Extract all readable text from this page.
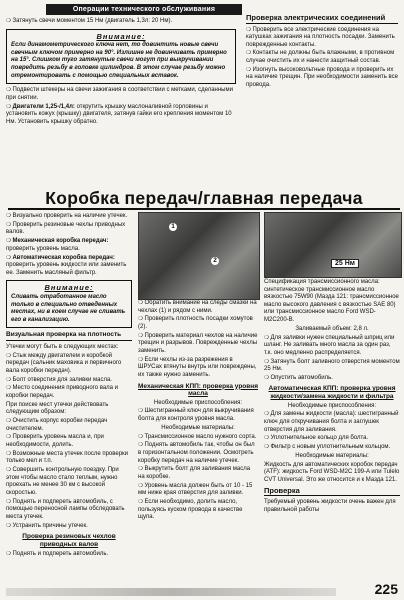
Операции технического обслуживания

❍ Затянуть свечи моментом 15 Нм (двигатель 1,3л: 20 Нм).

Внимание:
Если динамометрического ключа нет, то довинтить новые свечи свечным ключом примерно на 90°. Излишне не довинчивать примерно на 15°. Слишком туго затянутые свечи могут при выкручивании повредить резьбу в головке цилиндров. В этом случае резьбу можно отремонтировать с помощью специальных вставок.

❍ Подвести штекеры на свечи зажигания в соответствии с метками, сделанными при снятии.

❍ Двигатели 1,25-/1,4л: открутить крышку маслоналивной горловины и установить кожух (крышку) двигателя, затянув гайки его крепления моментом 10 Нм. Установить крышку обратно.

Проверка электрических соединений

❍ Проверить все электрические соединения на катушках зажигания на плотность посадки. Заменить поврежденные контакты.

❍ Контакты не должны быть влажными, в противном случае очистить их и нанести защитный состав.

❍ Изогнуть высоковольтные провода и проверить их на наличие трещин. При необходимости заменить все провода.

Коробка передач/главная передача

❍ Визуально проверить на наличие утечек.

❍ Проверить резиновые чехлы приводных валов.

❍ Механическая коробка передач: проверить уровень масла.

❍ Автоматическая коробка передач: проверить уровень жидкости или заменить ее. Заменить масляный фильтр.

Внимание:
Сливать отработанное масло только в специально отведенных местах, ни в коем случае не сливать его в канализацию.
Визуальная проверка на плотность

Утечки могут быть в следующих местах:

❍ Стык между двигателем и коробкой передач (сальник маховика и первичного вала коробки передач).

❍ Болт отверстия для заливки масла.

❍ Место соединения приводного вала и коробки передач.

При поиске мест утечки действовать следующим образом:

❍ Очистить корпус коробки передач очистителем.

❍ Проверить уровень масла и, при необходимости, долить.

❍ Возможные места утечек после проверки только мел и т.п.

❍ Совершить контрольную поездку. При этом чтобы масло стало теплым, нужно проехать не менее 30 км с высокой скоростью.

❍ Поднять и подпереть автомобиль, с помощью переносной лампы обследовать места утечек.

❍ Устранить причины утечек.

Проверка резиновых чехлов приводных валов

❍ Поднять и подпереть автомобиль.

1
2

❍ Обратить внимание на следы смазки на чехлах (1) и рядом с ними.

❍ Проверить плотность посадки хомутов (2).

❍ Проверить материал чехлов на наличие трещин и разрывов. Поврежденные чехлы заменить.

❍ Если чехлы из-за разрежения в ШРУСах втянуты внутрь или повреждены, их также нужно заменить.

Механическая КПП: проверка уровня масла

Необходимые приспособления:

❍ Шестигранный ключ для выкручивания болта для контроля уровня масла.

Необходимые материалы:

❍ Трансмиссионное масло нужного сорта.

❍ Поднять автомобиль так, чтобы он был в горизонтальном положении. Осмотреть коробку передач на наличие утечек.

❍ Выкрутить болт для заливания масла на коробке.

❍ Уровень масла должен быть от 10 - 15 мм ниже края отверстия для заливки.

❍ Если необходимо, долить масло, пользуясь куском провода в качестве щупа.

25 Нм

Спецификация трансмиссионного масла: синтетическое трансмиссионное масло вязкостью 75W90 (Мазда 121: трансмиссионное масло высокого давления с вязкостью SAE 80) или трансмиссионное масло Ford WSD-M2C200-B.

Заливаемый объем: 2,8 л.

❍ Для заливки нужен специальный шприц или шланг. Не заливать много масла за один раз, т.к. оно медленно распределяется.

❍ Затянуть болт заливного отверстия моментом 25 Нм.

❍ Опустить автомобиль.

Автоматическая КПП: проверка уровня жидкости/замена жидкости и фильтра

Необходимые приспособления:

❍ Для замены жидкости (масла): шестигранный ключ для откручивания болта и заглушек отверстия для заливания.

❍ Уплотнительное кольцо для болта.

❍ Фильтр с новым уплотнительным кольцом.

Необходимые материалы:

Жидкость для автоматических коробок передач (ATF): жидкость Ford WSD-M2C 199-A или Tulelo CVT Universal. Это же относится и к Мазда 121.

Проверка

Требуемый уровень жидкости очень важен для правильной работы

225
